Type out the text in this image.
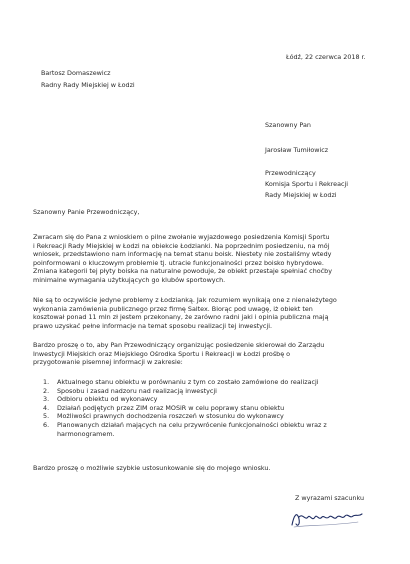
Łódź, 22 czerwca 2018 r.
Bartosz Domaszewicz
Radny Rady Miejskiej w Łodzi
Szanowny Pan
Jarosław Tumiłowicz
Przewodniczący
Komisja Sportu i Rekreacji
Rady Miejskiej w Łodzi
Szanowny Panie Przewodniczący,
Zwracam się do Pana z wnioskiem o pilne zwołanie wyjazdowego posiedzenia Komisji Sportu
i Rekreacji Rady Miejskiej w Łodzi na obiekcie Łodzianki. Na poprzednim posiedzeniu, na mój
wniosek, przedstawiono nam informację na temat stanu boisk. Niestety nie zostaliśmy wtedy
poinformowani o kluczowym problemie tj. utracie funkcjonalności przez boisko hybrydowe.
Zmiana kategorii tej płyty boiska na naturalne powoduje, że obiekt przestaje spełniać choćby
minimalne wymagania użytkujących go klubów sportowych.
Nie są to oczywiście jedyne problemy z Łodzianką. Jak rozumiem wynikają one z nienależytego
wykonania zamówienia publicznego przez firmę Saltex. Biorąc pod uwagę, iż obiekt ten
kosztował ponad 11 mln zł jestem przekonany, że zarówno radni jaki i opinia publiczna mają
prawo uzyskać pełne informacje na temat sposobu realizacji tej inwestycji.
Bardzo proszę o to, aby Pan Przewodniczący organizując posiedzenie skierował do Zarządu
Inwestycji Miejskich oraz Miejskiego Ośrodka Sportu i Rekreacji w Łodzi prośbę o
przygotowanie pisemnej informacji w zakresie:
1. Aktualnego stanu obiektu w porównaniu z tym co zostało zamówione do realizacji
2. Sposobu i zasad nadzoru nad realizacją inwestycji
3. Odbioru obiektu od wykonawcy
4. Działań podjętych przez ZIM oraz MOSiR w celu poprawy stanu obiektu
5. Możliwości prawnych dochodzenia roszczeń w stosunku do wykonawcy
6. Planowanych działań mających na celu przywrócenie funkcjonalności obiektu wraz z
harmonogramem.
Bardzo proszę o możliwie szybkie ustosunkowanie się do mojego wniosku.
Z wyrazami szacunku
